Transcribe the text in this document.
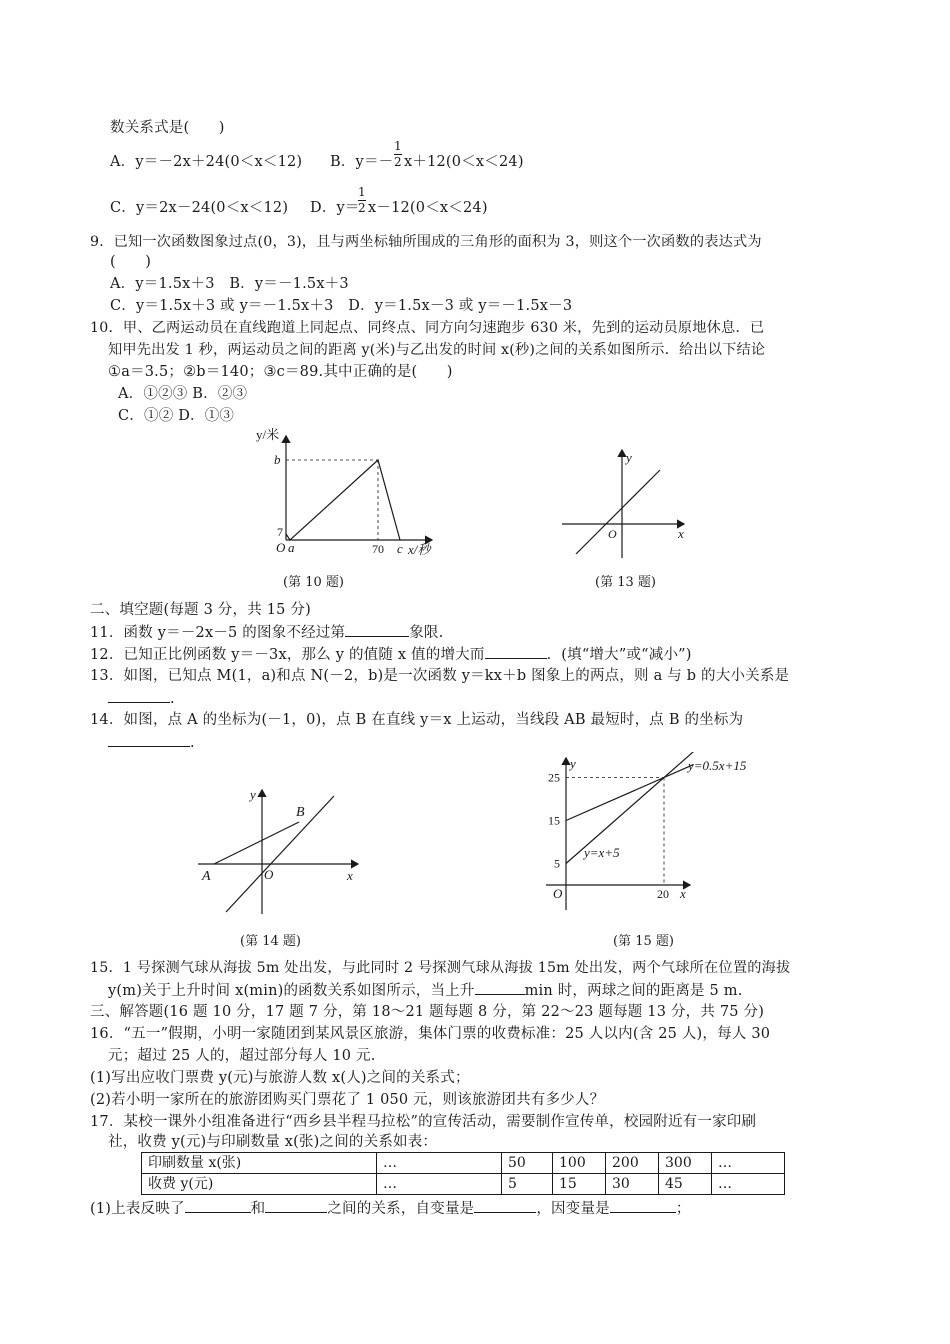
数关系式是(　　)
A．y＝－2x＋24(0＜x＜12) B．y＝－
1
2 x＋12(0＜x＜24)
C．y＝2x－24(0＜x＜12) D．y＝
1
2 x－12(0＜x＜24)
9．已知一次函数图象过点(0，3)，且与两坐标轴所围成的三角形的面积为 3，则这个一次函数的表达式为
(　　)
A．y＝1.5x＋3　B．y＝－1.5x＋3
C．y＝1.5x＋3 或 y＝－1.5x＋3　D．y＝1.5x－3 或 y＝－1.5x－3
10．甲、乙两运动员在直线跑道上同起点、同终点、同方向匀速跑步 630 米，先到的运动员原地休息．已
知甲先出发 1 秒，两运动员之间的距离 y(米)与乙出发的时间 x(秒)之间的关系如图所示．给出以下结论
①a＝3.5；②b＝140；③c＝89.其中正确的是(　　)
A．①②③ B．②③
C．①② D．①③
y/米
b
7
O a	70 c x/秒
(第 10 题)
y
O	x
(第 13 题)
二、填空题(每题 3 分，共 15 分)
11．函数 y＝－2x－5 的图象不经过第	象限.
12．已知正比例函数 y＝－3x，那么 y 的值随 x 值的增大而	．(填“增大”或“减小”)
13．如图，已知点 M(1，a)和点 N(－2，b)是一次函数 y＝kx＋b 图象上的两点，则 a 与 b 的大小关系是
.
14．如图，点 A 的坐标为(－1，0)，点 B 在直线 y＝x 上运动，当线段 AB 最短时，点 B 的坐标为
.
y
B
A	O	x
(第 14 题)
y=0.5x+15
y=x+5
y
25
15
5
O	20 x
(第 15 题)
15．1 号探测气球从海拔 5m 处出发，与此同时 2 号探测气球从海拔 15m 处出发，两个气球所在位置的海拔
y(m)关于上升时间 x(min)的函数关系如图所示，当上升	min 时，两球之间的距离是 5 m.
三、解答题(16 题 10 分，17 题 7 分，第 18～21 题每题 8 分，第 22～23 题每题 13 分，共 75 分)
16．“五一”假期，小明一家随团到某风景区旅游，集体门票的收费标准：25 人以内(含 25 人)，每人 30
元；超过 25 人的，超过部分每人 10 元.
(1)写出应收门票费 y(元)与旅游人数 x(人)之间的关系式；
(2)若小明一家所在的旅游团购买门票花了 1 050 元，则该旅游团共有多少人？
17．某校一课外小组准备进行“西乡县半程马拉松”的宣传活动，需要制作宣传单，校园附近有一家印刷
社，收费 y(元)与印刷数量 x(张)之间的关系如表：
印刷数量 x(张)	…	50	100	200	300	…
收费 y(元)	…	5	15	30	45	…
(1)上表反映了	和	之间的关系，自变量是	，因变量是	；
